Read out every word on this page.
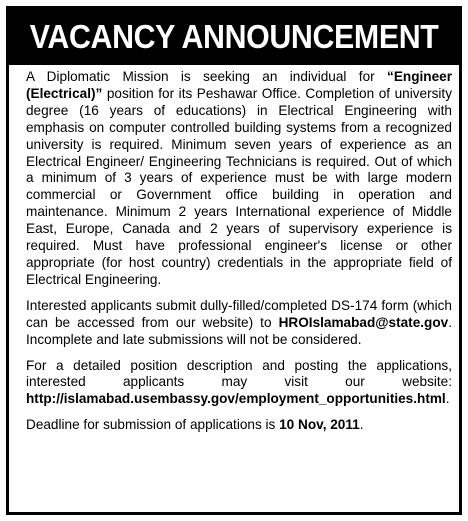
VACANCY ANNOUNCEMENT

A Diplomatic Mission is seeking an individual for “Engineer (Electrical)” position for its Peshawar Office. Completion of university degree (16 years of educations) in Electrical Engineering with emphasis on computer controlled building systems from a recognized university is required. Minimum seven years of experience as an Electrical Engineer/ Engineering Technicians is required. Out of which a minimum of 3 years of experience must be with large modern commercial or Government office building in operation and maintenance. Minimum 2 years International experience of Middle East, Europe, Canada and 2 years of supervisory experience is required. Must have professional engineer's license or other appropriate (for host country) credentials in the appropriate field of Electrical Engineering.

Interested applicants submit dully-filled/completed DS-174 form (which can be accessed from our website) to HROIslamabad@state.gov. Incomplete and late submissions will not be considered.

For a detailed position description and posting the applications, interested applicants may visit our website: http://islamabad.usembassy.gov/employment_opportunities.html.

Deadline for submission of applications is 10 Nov, 2011.
